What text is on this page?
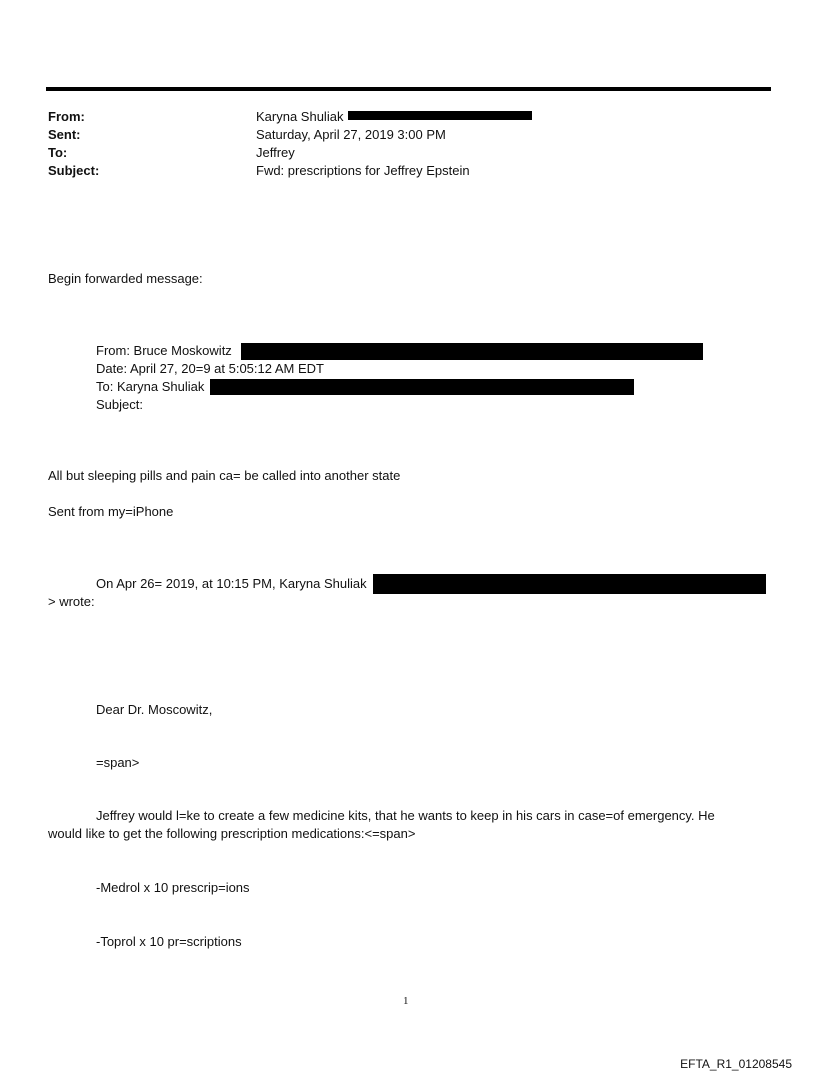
From:	Karyna Shuliak
Sent:	Saturday, April 27, 2019 3:00 PM
To:	Jeffrey
Subject:	Fwd: prescriptions for Jeffrey Epstein
Begin forwarded message:
From: Bruce Moskowitz
Date: April 27, 20=9 at 5:05:12 AM EDT
To: Karyna Shuliak
Subject:
All but sleeping pills and pain ca= be called into another state
Sent from my=iPhone
On Apr 26= 2019, at 10:15 PM, Karyna Shuliak
> wrote:
Dear Dr. Moscowitz,
=span>
Jeffrey would l=ke to create a few medicine kits, that he wants to keep in his cars in case=of emergency. He
would like to get the following prescription medications:<=span>
-Medrol x 10 prescrip=ions
-Toprol x 10 pr=scriptions
1
EFTA_R1_01208545
